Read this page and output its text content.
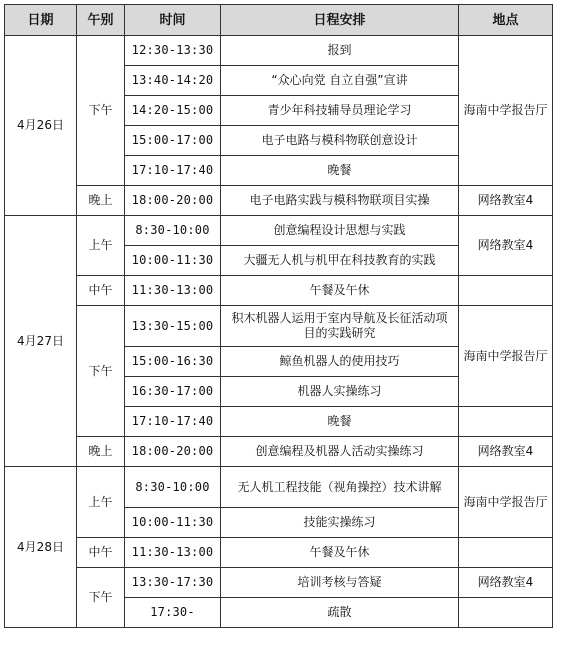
日期	午别	时间	日程安排	地点
4月26日	下午	12:30-13:30	报到	海南中学报告厅
		13:40-14:20	“众心向党 自立自强”宣讲	
		14:20-15:00	青少年科技辅导员理论学习	
		15:00-17:00	电子电路与模科物联创意设计	
		17:10-17:40	晚餐	
	晚上	18:00-20:00	电子电路实践与模科物联项目实操	网络教室4
4月27日	上午	8:30-10:00	创意编程设计思想与实践	网络教室4
		10:00-11:30	大疆无人机与机甲在科技教育的实践	
	中午	11:30-13:00	午餐及午休	
	下午	13:30-15:00	积木机器人运用于室内导航及长征活动项目的实践研究	海南中学报告厅
		15:00-16:30	鲸鱼机器人的使用技巧	
		16:30-17:00	机器人实操练习	
		17:10-17:40	晚餐	
	晚上	18:00-20:00	创意编程及机器人活动实操练习	网络教室4
4月28日	上午	8:30-10:00	无人机工程技能（视角操控）技术讲解	海南中学报告厅
		10:00-11:30	技能实操练习	
	中午	11:30-13:00	午餐及午休	
	下午	13:30-17:30	培训考核与答疑	网络教室4
		17:30-	疏散	
